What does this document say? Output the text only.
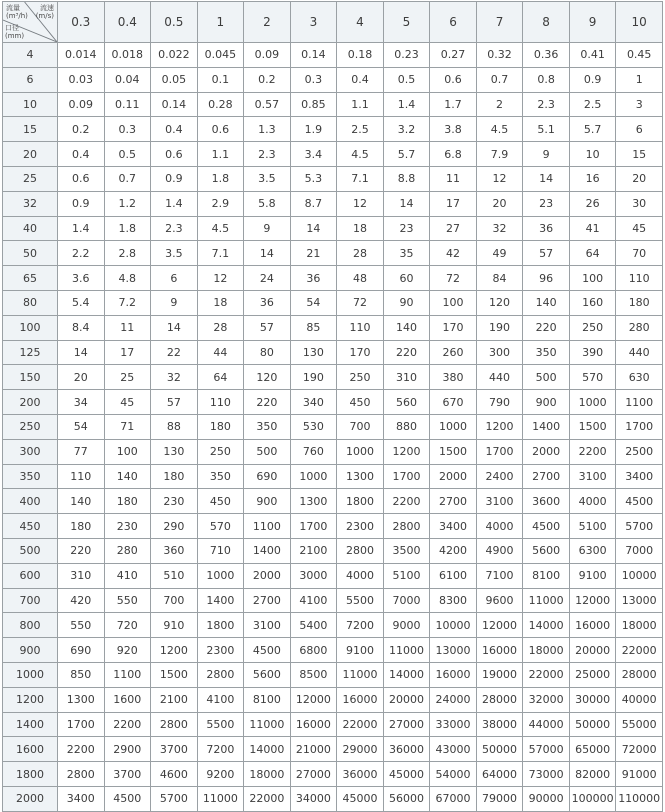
流量
(m³/h)
流速
(m/s)
口径
(mm)
	0.3	0.4	0.5	1	2	3	4	5	6	7	8	9	10
4	0.014	0.018	0.022	0.045	0.09	0.14	0.18	0.23	0.27	0.32	0.36	0.41	0.45
6	0.03	0.04	0.05	0.1	0.2	0.3	0.4	0.5	0.6	0.7	0.8	0.9	1
10	0.09	0.11	0.14	0.28	0.57	0.85	1.1	1.4	1.7	2	2.3	2.5	3
15	0.2	0.3	0.4	0.6	1.3	1.9	2.5	3.2	3.8	4.5	5.1	5.7	6
20	0.4	0.5	0.6	1.1	2.3	3.4	4.5	5.7	6.8	7.9	9	10	15
25	0.6	0.7	0.9	1.8	3.5	5.3	7.1	8.8	11	12	14	16	20
32	0.9	1.2	1.4	2.9	5.8	8.7	12	14	17	20	23	26	30
40	1.4	1.8	2.3	4.5	9	14	18	23	27	32	36	41	45
50	2.2	2.8	3.5	7.1	14	21	28	35	42	49	57	64	70
65	3.6	4.8	6	12	24	36	48	60	72	84	96	100	110
80	5.4	7.2	9	18	36	54	72	90	100	120	140	160	180
100	8.4	11	14	28	57	85	110	140	170	190	220	250	280
125	14	17	22	44	80	130	170	220	260	300	350	390	440
150	20	25	32	64	120	190	250	310	380	440	500	570	630
200	34	45	57	110	220	340	450	560	670	790	900	1000	1100
250	54	71	88	180	350	530	700	880	1000	1200	1400	1500	1700
300	77	100	130	250	500	760	1000	1200	1500	1700	2000	2200	2500
350	110	140	180	350	690	1000	1300	1700	2000	2400	2700	3100	3400
400	140	180	230	450	900	1300	1800	2200	2700	3100	3600	4000	4500
450	180	230	290	570	1100	1700	2300	2800	3400	4000	4500	5100	5700
500	220	280	360	710	1400	2100	2800	3500	4200	4900	5600	6300	7000
600	310	410	510	1000	2000	3000	4000	5100	6100	7100	8100	9100	10000
700	420	550	700	1400	2700	4100	5500	7000	8300	9600	11000	12000	13000
800	550	720	910	1800	3100	5400	7200	9000	10000	12000	14000	16000	18000
900	690	920	1200	2300	4500	6800	9100	11000	13000	16000	18000	20000	22000
1000	850	1100	1500	2800	5600	8500	11000	14000	16000	19000	22000	25000	28000
1200	1300	1600	2100	4100	8100	12000	16000	20000	24000	28000	32000	30000	40000
1400	1700	2200	2800	5500	11000	16000	22000	27000	33000	38000	44000	50000	55000
1600	2200	2900	3700	7200	14000	21000	29000	36000	43000	50000	57000	65000	72000
1800	2800	3700	4600	9200	18000	27000	36000	45000	54000	64000	73000	82000	91000
2000	3400	4500	5700	11000	22000	34000	45000	56000	67000	79000	90000	100000	110000
